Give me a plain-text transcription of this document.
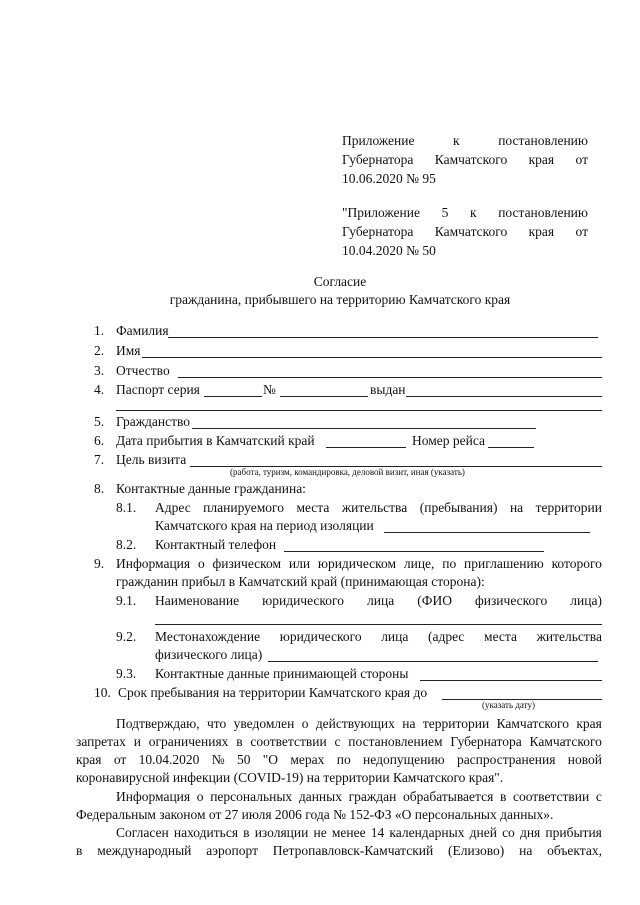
Приложение	к	постановлению
Губернатора Камчатского края от
10.06.2020 № 95
"Приложение 5 к постановлению
Губернатора Камчатского края от
10.04.2020 № 50
Согласие
гражданина, прибывшего на территорию Камчатского края
1. Фамилия
2. Имя
3. Отчество
4. Паспорт серия	№	выдан
5. Гражданство
6. Дата прибытия в Камчатский край	Номер рейса
7. Цель визита
(работа, туризм, командировка, деловой визит, иная (указать)
8. Контактные данные гражданина:
8.1. Адрес планируемого места жительства (пребывания) на территории
Камчатского края на период изоляции
8.2. Контактный телефон
9. Информация о физическом или юридическом лице, по приглашению которого
гражданин прибыл в Камчатский край (принимающая сторона):
9.1. Наименование юридического лица (ФИО физического лица)
9.2. Местонахождение юридического лица (адрес места жительства
физического лица)
9.3. Контактные данные принимающей стороны
10. Срок пребывания на территории Камчатского края до
(указать дату)
Подтверждаю, что уведомлен о действующих на территории Камчатского края
запретах и ограничениях в соответствии с постановлением Губернатора Камчатского
края от 10.04.2020 № 50 "О мерах по недопущению распространения новой
коронавирусной инфекции (COVID-19) на территории Камчатского края".
Информация о персональных данных граждан обрабатывается в соответствии с
Федеральным законом от 27 июля 2006 года № 152-ФЗ «О персональных данных».
Согласен находиться в изоляции не менее 14 календарных дней со дня прибытия
в международный аэропорт Петропавловск-Камчатский (Елизово) на объектах,
